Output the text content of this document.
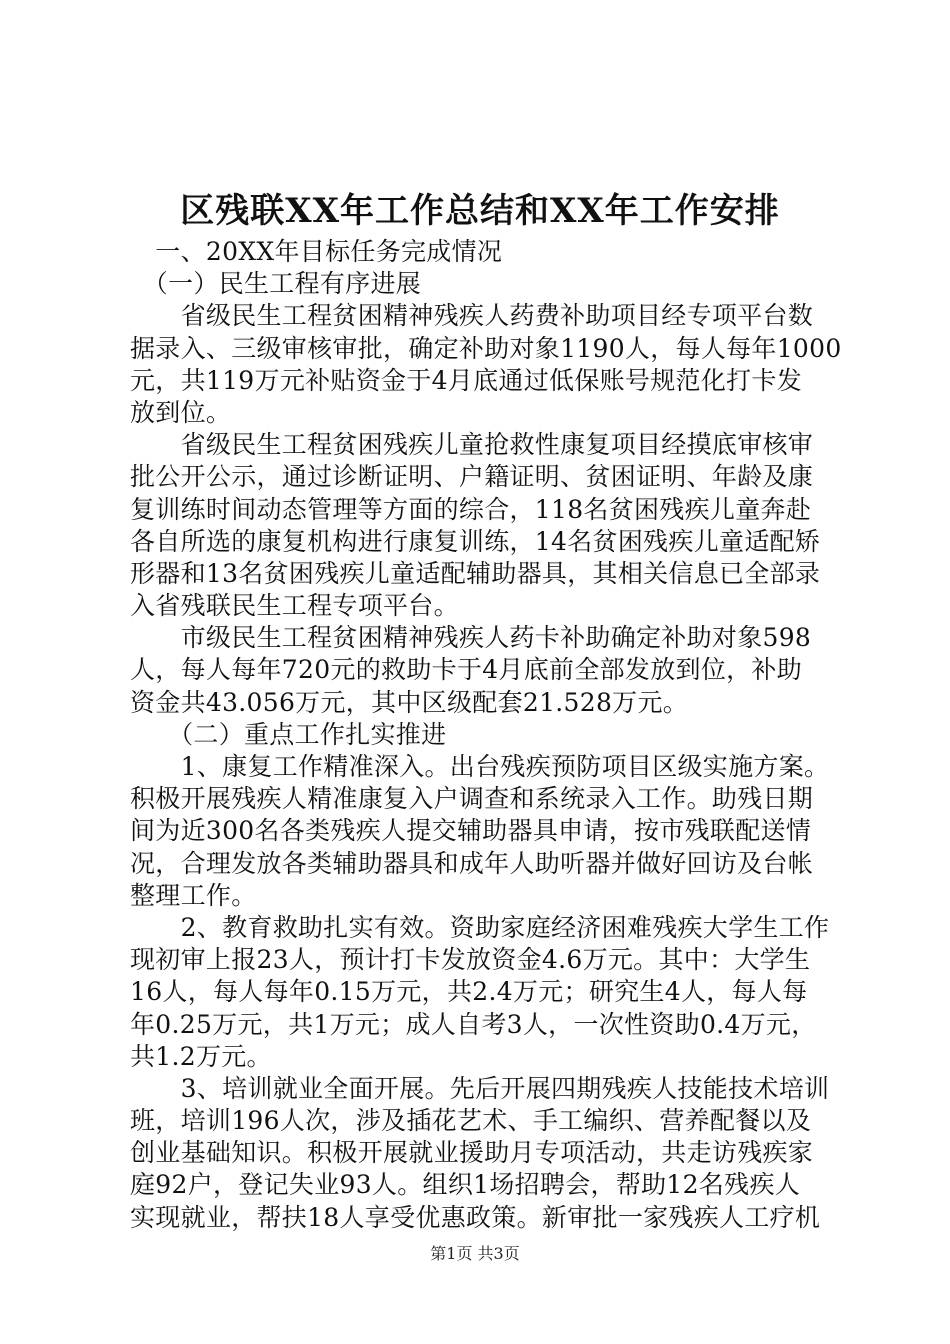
区残联XX年工作总结和XX年工作安排
　一、20XX年目标任务完成情况
　（一）民生工程有序进展
　　省级民生工程贫困精神残疾人药费补助项目经专项平台数
据录入、三级审核审批，确定补助对象1190人，每人每年1000
元，共119万元补贴资金于4月底通过低保账号规范化打卡发
放到位。
　　省级民生工程贫困残疾儿童抢救性康复项目经摸底审核审
批公开公示，通过诊断证明、户籍证明、贫困证明、年龄及康
复训练时间动态管理等方面的综合，118名贫困残疾儿童奔赴
各自所选的康复机构进行康复训练，14名贫困残疾儿童适配矫
形器和13名贫困残疾儿童适配辅助器具，其相关信息已全部录
入省残联民生工程专项平台。
　　市级民生工程贫困精神残疾人药卡补助确定补助对象598
人，每人每年720元的救助卡于4月底前全部发放到位，补助
资金共43.056万元，其中区级配套21.528万元。
　　（二）重点工作扎实推进
　　1、康复工作精准深入。出台残疾预防项目区级实施方案。
积极开展残疾人精准康复入户调查和系统录入工作。助残日期
间为近300名各类残疾人提交辅助器具申请，按市残联配送情
况，合理发放各类辅助器具和成年人助听器并做好回访及台帐
整理工作。
　　2、教育救助扎实有效。资助家庭经济困难残疾大学生工作
现初审上报23人，预计打卡发放资金4.6万元。其中：大学生
16人，每人每年0.15万元，共2.4万元；研究生4人，每人每
年0.25万元，共1万元；成人自考3人，一次性资助0.4万元，
共1.2万元。
　　3、培训就业全面开展。先后开展四期残疾人技能技术培训
班，培训196人次，涉及插花艺术、手工编织、营养配餐以及
创业基础知识。积极开展就业援助月专项活动，共走访残疾家
庭92户，登记失业93人。组织1场招聘会，帮助12名残疾人
实现就业，帮扶18人享受优惠政策。新审批一家残疾人工疗机
第1页 共3页
